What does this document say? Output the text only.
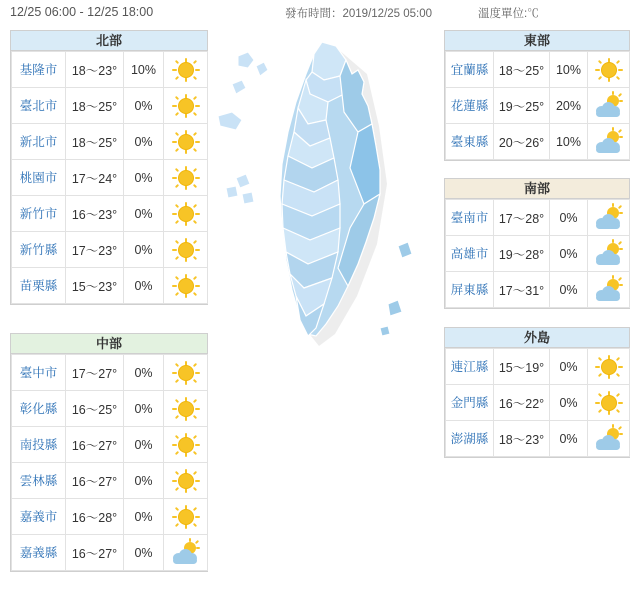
12/25 06:00 - 12/25 18:00	發布時間：2019/12/25 05:00	溫度單位:℃
北部
基隆市	18～23°	10%	

臺北市	18～25°	0%	

新北市	18～25°	0%	

桃園市	17～24°	0%	

新竹市	16～23°	0%	

新竹縣	17～23°	0%	

苗栗縣	15～23°	0%	
中部
臺中市	17～27°	0%	

彰化縣	16～25°	0%	

南投縣	16～27°	0%	

雲林縣	16～27°	0%	

嘉義市	16～28°	0%	

嘉義縣	16～27°	0%	
東部
宜蘭縣	18～25°	10%	

花蓮縣	19～25°	20%	

臺東縣	20～26°	10%	
南部
臺南市	17～28°	0%	

高雄市	19～28°	0%	

屏東縣	17～31°	0%	
外島
連江縣	15～19°	0%	

金門縣	16～22°	0%	

澎湖縣	18～23°	0%	
